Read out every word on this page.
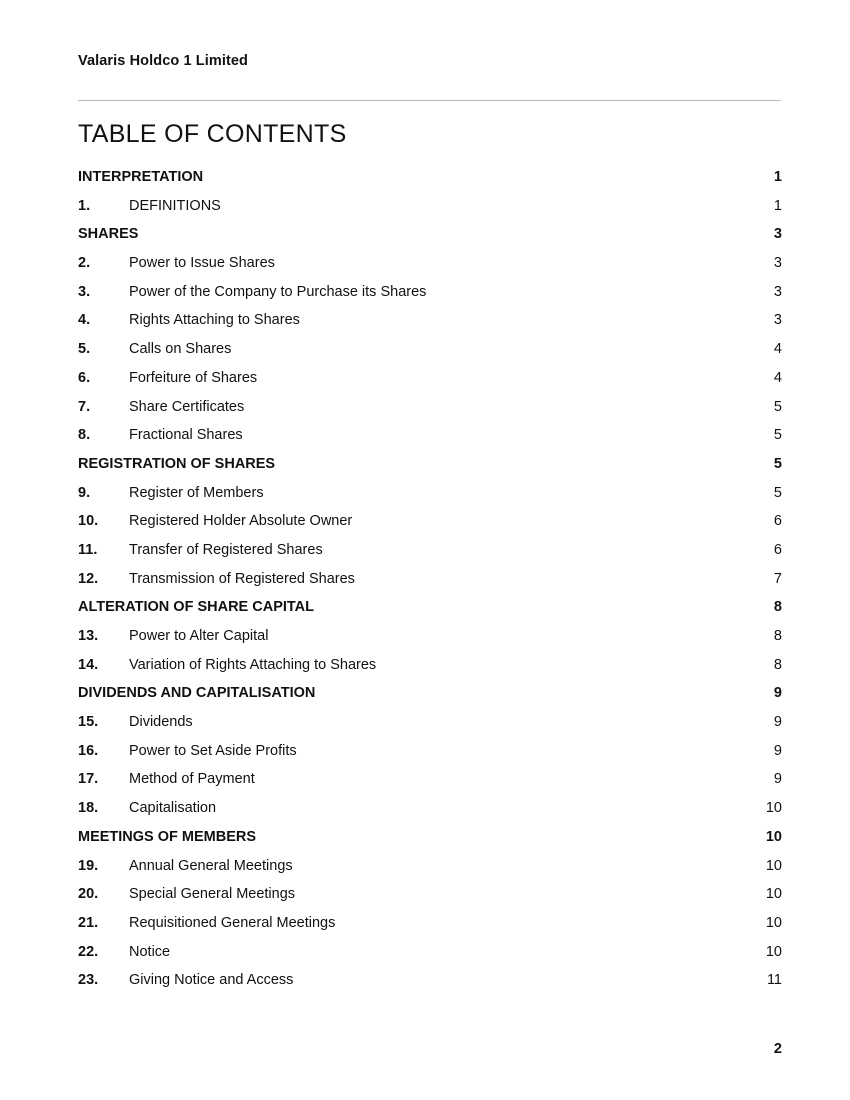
Valaris Holdco 1 Limited
TABLE OF CONTENTS
INTERPRETATION	1
1.	DEFINITIONS	1
SHARES	3
2.	Power to Issue Shares	3
3.	Power of the Company to Purchase its Shares	3
4.	Rights Attaching to Shares	3
5.	Calls on Shares	4
6.	Forfeiture of Shares	4
7.	Share Certificates	5
8.	Fractional Shares	5
REGISTRATION OF SHARES	5
9.	Register of Members	5
10. Registered Holder Absolute Owner	6
11. Transfer of Registered Shares	6
12. Transmission of Registered Shares	7
ALTERATION OF SHARE CAPITAL	8
13. Power to Alter Capital	8
14. Variation of Rights Attaching to Shares	8
DIVIDENDS AND CAPITALISATION	9
15. Dividends	9
16. Power to Set Aside Profits	9
17. Method of Payment	9
18. Capitalisation	10
MEETINGS OF MEMBERS	10
19. Annual General Meetings	10
20. Special General Meetings	10
21. Requisitioned General Meetings	10
22. Notice	10
23. Giving Notice and Access	11
2
